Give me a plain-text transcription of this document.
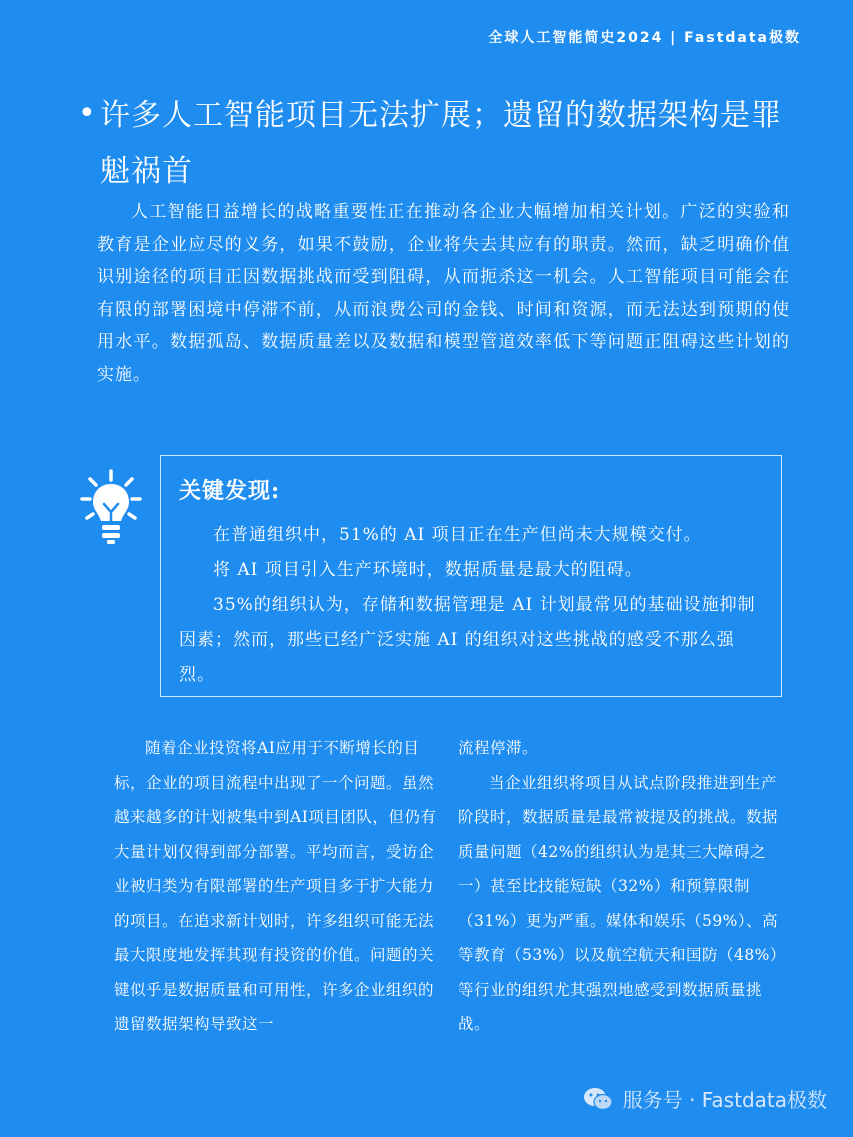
全球人工智能简史2024 | Fastdata极数
• 许多人工智能项目无法扩展；遗留的数据架构是罪魁祸首

人工智能日益增长的战略重要性正在推动各企业大幅增加相关计划。广泛的实验和教育是企业应尽的义务，如果不鼓励，企业将失去其应有的职责。然而，缺乏明确价值识别途径的项目正因数据挑战而受到阻碍，从而扼杀这一机会。人工智能项目可能会在有限的部署困境中停滞不前，从而浪费公司的金钱、时间和资源，而无法达到预期的使用水平。数据孤岛、数据质量差以及数据和模型管道效率低下等问题正阻碍这些计划的实施。

关键发现:

在普通组织中，51%的 AI 项目正在生产但尚未大规模交付。

将 AI 项目引入生产环境时，数据质量是最大的阻碍。

35%的组织认为，存储和数据管理是 AI 计划最常见的基础设施抑制因素；然而，那些已经广泛实施 AI 的组织对这些挑战的感受不那么强烈。

随着企业投资将AI应用于不断增长的目标，企业的项目流程中出现了一个问题。虽然越来越多的计划被集中到AI项目团队，但仍有大量计划仅得到部分部署。平均而言，受访企业被归类为有限部署的生产项目多于扩大能力的项目。在追求新计划时，许多组织可能无法最大限度地发挥其现有投资的价值。问题的关键似乎是数据质量和可用性，许多企业组织的遗留数据架构导致这一

流程停滞。

当企业组织将项目从试点阶段推进到生产阶段时，数据质量是最常被提及的挑战。数据质量问题（42%的组织认为是其三大障碍之一）甚至比技能短缺（32%）和预算限制（31%）更为严重。媒体和娱乐（59%）、高等教育（53%）以及航空航天和国防（48%）等行业的组织尤其强烈地感受到数据质量挑战。

服务号 · Fastdata极数
